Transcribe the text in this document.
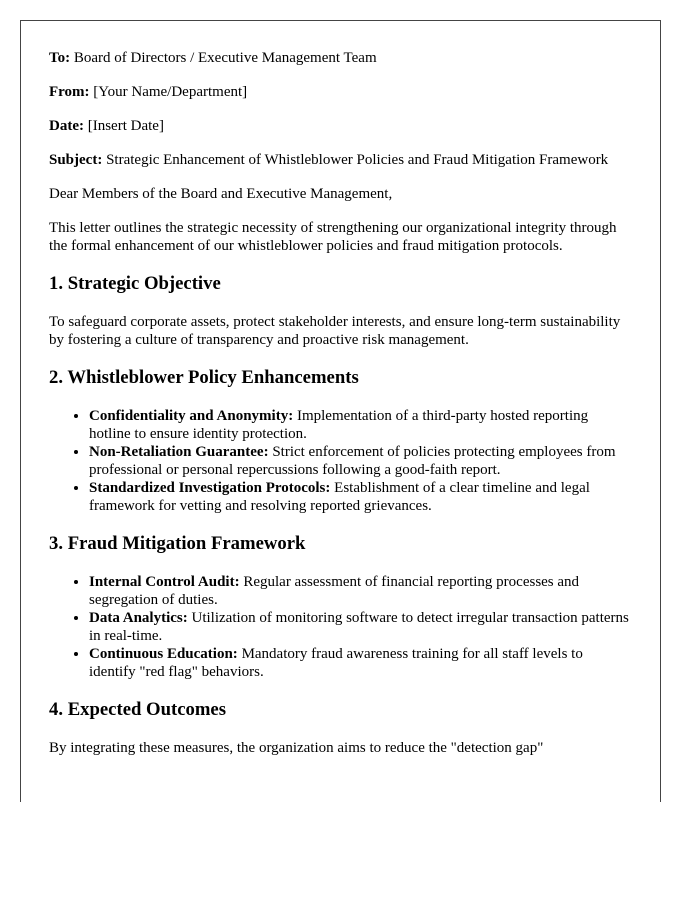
To: Board of Directors / Executive Management Team

From: [Your Name/Department]

Date: [Insert Date]

Subject: Strategic Enhancement of Whistleblower Policies and Fraud Mitigation Framework

Dear Members of the Board and Executive Management,

This letter outlines the strategic necessity of strengthening our organizational integrity through the formal enhancement of our whistleblower policies and fraud mitigation protocols.

1. Strategic Objective

To safeguard corporate assets, protect stakeholder interests, and ensure long-term sustainability by fostering a culture of transparency and proactive risk management.

2. Whistleblower Policy Enhancements
• Confidentiality and Anonymity: Implementation of a third-party hosted reporting hotline to ensure identity protection.
• Non-Retaliation Guarantee: Strict enforcement of policies protecting employees from professional or personal repercussions following a good-faith report.
• Standardized Investigation Protocols: Establishment of a clear timeline and legal framework for vetting and resolving reported grievances.
3. Fraud Mitigation Framework
• Internal Control Audit: Regular assessment of financial reporting processes and segregation of duties.
• Data Analytics: Utilization of monitoring software to detect irregular transaction patterns in real-time.
• Continuous Education: Mandatory fraud awareness training for all staff levels to identify "red flag" behaviors.
4. Expected Outcomes

By integrating these measures, the organization aims to reduce the "detection gap"
